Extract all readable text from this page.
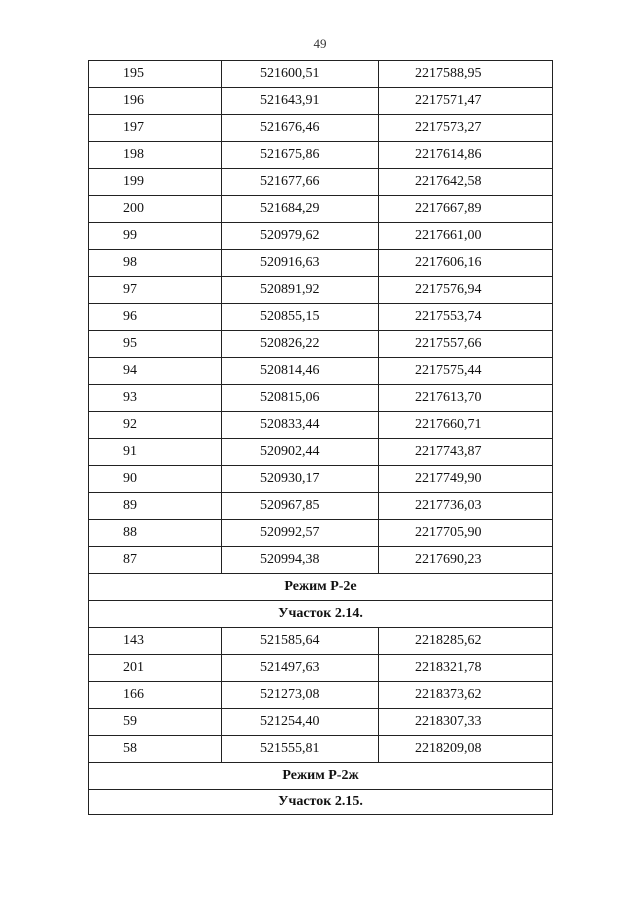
49
195	521600,51	2217588,95
196	521643,91	2217571,47
197	521676,46	2217573,27
198	521675,86	2217614,86
199	521677,66	2217642,58
200	521684,29	2217667,89
99	520979,62	2217661,00
98	520916,63	2217606,16
97	520891,92	2217576,94
96	520855,15	2217553,74
95	520826,22	2217557,66
94	520814,46	2217575,44
93	520815,06	2217613,70
92	520833,44	2217660,71
91	520902,44	2217743,87
90	520930,17	2217749,90
89	520967,85	2217736,03
88	520992,57	2217705,90
87	520994,38	2217690,23
Режим Р-2е		
Участок 2.14.		
143	521585,64	2218285,62
201	521497,63	2218321,78
166	521273,08	2218373,62
59	521254,40	2218307,33
58	521555,81	2218209,08
Режим Р-2ж		
Участок 2.15.		
